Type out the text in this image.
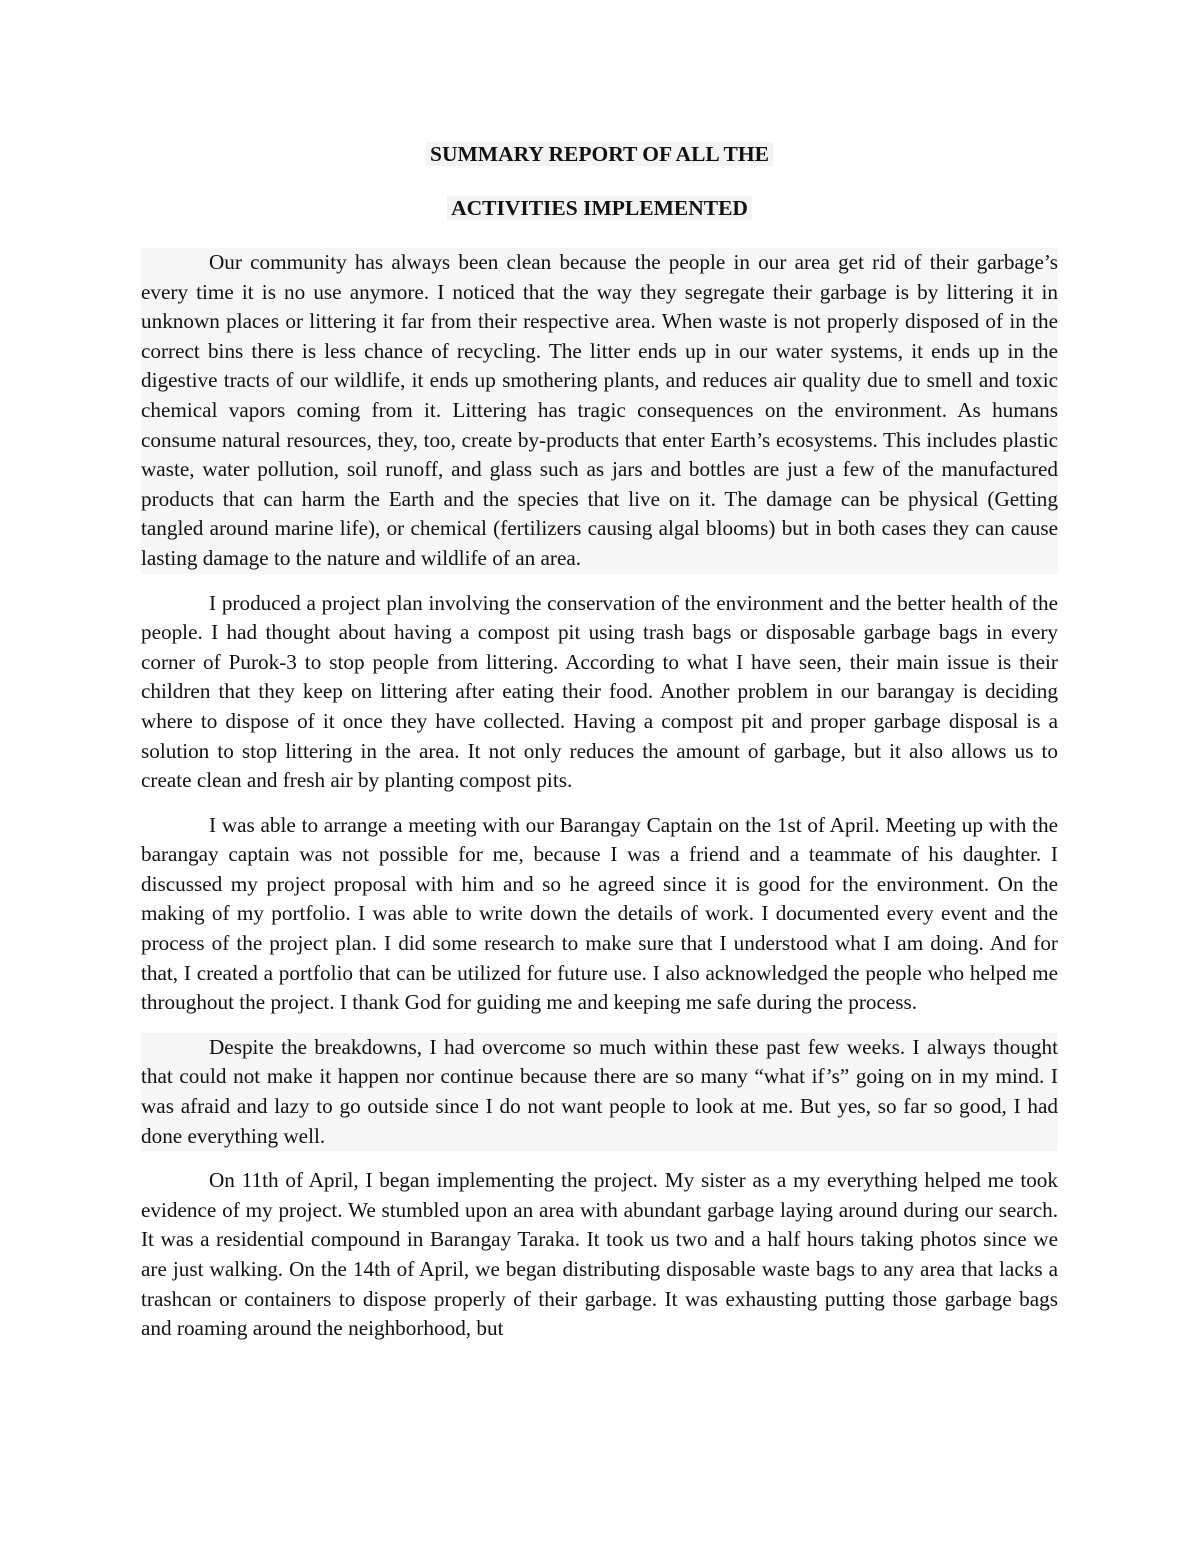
SUMMARY REPORT OF ALL THE
ACTIVITIES IMPLEMENTED

Our community has always been clean because the people in our area get rid of their garbage’s every time it is no use anymore. I noticed that the way they segregate their garbage is by littering it in unknown places or littering it far from their respective area. When waste is not properly disposed of in the correct bins there is less chance of recycling. The litter ends up in our water systems, it ends up in the digestive tracts of our wildlife, it ends up smothering plants, and reduces air quality due to smell and toxic chemical vapors coming from it. Littering has tragic consequences on the environment. As humans consume natural resources, they, too, create by-products that enter Earth’s ecosystems. This includes plastic waste, water pollution, soil runoff, and glass such as jars and bottles are just a few of the manufactured products that can harm the Earth and the species that live on it. The damage can be physical (Getting tangled around marine life), or chemical (fertilizers causing algal blooms) but in both cases they can cause lasting damage to the nature and wildlife of an area.

I produced a project plan involving the conservation of the environment and the better health of the people. I had thought about having a compost pit using trash bags or disposable garbage bags in every corner of Purok-3 to stop people from littering. According to what I have seen, their main issue is their children that they keep on littering after eating their food. Another problem in our barangay is deciding where to dispose of it once they have collected. Having a compost pit and proper garbage disposal is a solution to stop littering in the area. It not only reduces the amount of garbage, but it also allows us to create clean and fresh air by planting compost pits.

I was able to arrange a meeting with our Barangay Captain on the 1st of April. Meeting up with the barangay captain was not possible for me, because I was a friend and a teammate of his daughter. I discussed my project proposal with him and so he agreed since it is good for the environment. On the making of my portfolio. I was able to write down the details of work. I documented every event and the process of the project plan. I did some research to make sure that I understood what I am doing. And for that, I created a portfolio that can be utilized for future use. I also acknowledged the people who helped me throughout the project. I thank God for guiding me and keeping me safe during the process.

Despite the breakdowns, I had overcome so much within these past few weeks. I always thought that could not make it happen nor continue because there are so many “what if’s” going on in my mind. I was afraid and lazy to go outside since I do not want people to look at me. But yes, so far so good, I had done everything well.

On 11th of April, I began implementing the project. My sister as a my everything helped me took evidence of my project. We stumbled upon an area with abundant garbage laying around during our search. It was a residential compound in Barangay Taraka. It took us two and a half hours taking photos since we are just walking. On the 14th of April, we began distributing disposable waste bags to any area that lacks a trashcan or containers to dispose properly of their garbage. It was exhausting putting those garbage bags and roaming around the neighborhood, but
